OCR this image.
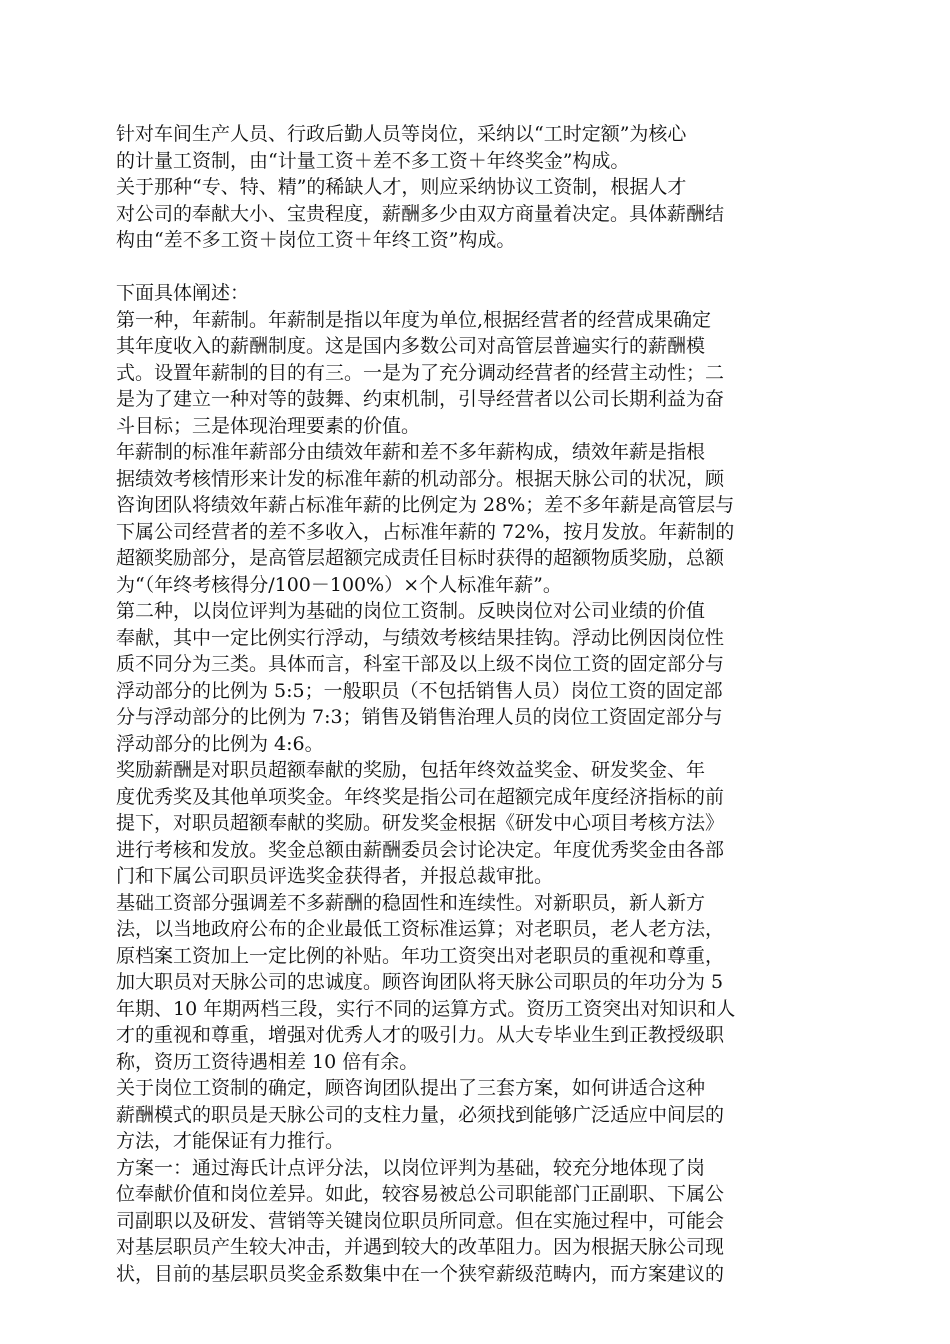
针对车间生产人员、行政后勤人员等岗位，采纳以“工时定额”为核心
的计量工资制，由“计量工资＋差不多工资＋年终奖金”构成。
关于那种“专、特、精”的稀缺人才，则应采纳协议工资制，根据人才
对公司的奉献大小、宝贵程度，薪酬多少由双方商量着决定。具体薪酬结
构由“差不多工资＋岗位工资＋年终工资”构成。
下面具体阐述：
第一种，年薪制。年薪制是指以年度为单位,根据经营者的经营成果确定
其年度收入的薪酬制度。这是国内多数公司对高管层普遍实行的薪酬模
式。设置年薪制的目的有三。一是为了充分调动经营者的经营主动性；二
是为了建立一种对等的鼓舞、约束机制，引导经营者以公司长期利益为奋
斗目标；三是体现治理要素的价值。
年薪制的标准年薪部分由绩效年薪和差不多年薪构成，绩效年薪是指根
据绩效考核情形来计发的标准年薪的机动部分。根据天脉公司的状况，顾
咨询团队将绩效年薪占标准年薪的比例定为 28%；差不多年薪是高管层与
下属公司经营者的差不多收入，占标准年薪的 72%，按月发放。年薪制的
超额奖励部分，是高管层超额完成责任目标时获得的超额物质奖励，总额
为“（年终考核得分/100－100%）×个人标准年薪”。
第二种，以岗位评判为基础的岗位工资制。反映岗位对公司业绩的价值
奉献，其中一定比例实行浮动，与绩效考核结果挂钩。浮动比例因岗位性
质不同分为三类。具体而言，科室干部及以上级不岗位工资的固定部分与
浮动部分的比例为 5:5；一般职员（不包括销售人员）岗位工资的固定部
分与浮动部分的比例为 7:3；销售及销售治理人员的岗位工资固定部分与
浮动部分的比例为 4:6。
奖励薪酬是对职员超额奉献的奖励，包括年终效益奖金、研发奖金、年
度优秀奖及其他单项奖金。年终奖是指公司在超额完成年度经济指标的前
提下，对职员超额奉献的奖励。研发奖金根据《研发中心项目考核方法》
进行考核和发放。奖金总额由薪酬委员会讨论决定。年度优秀奖金由各部
门和下属公司职员评选奖金获得者，并报总裁审批。
基础工资部分强调差不多薪酬的稳固性和连续性。对新职员，新人新方
法，以当地政府公布的企业最低工资标准运算；对老职员，老人老方法，
原档案工资加上一定比例的补贴。年功工资突出对老职员的重视和尊重，
加大职员对天脉公司的忠诚度。顾咨询团队将天脉公司职员的年功分为 5
年期、10 年期两档三段，实行不同的运算方式。资历工资突出对知识和人
才的重视和尊重，增强对优秀人才的吸引力。从大专毕业生到正教授级职
称，资历工资待遇相差 10 倍有余。
关于岗位工资制的确定，顾咨询团队提出了三套方案，如何讲适合这种
薪酬模式的职员是天脉公司的支柱力量，必须找到能够广泛适应中间层的
方法，才能保证有力推行。
方案一：通过海氏计点评分法，以岗位评判为基础，较充分地体现了岗
位奉献价值和岗位差异。如此，较容易被总公司职能部门正副职、下属公
司副职以及研发、营销等关键岗位职员所同意。但在实施过程中，可能会
对基层职员产生较大冲击，并遇到较大的改革阻力。因为根据天脉公司现
状，目前的基层职员奖金系数集中在一个狭窄薪级范畴内，而方案建议的
